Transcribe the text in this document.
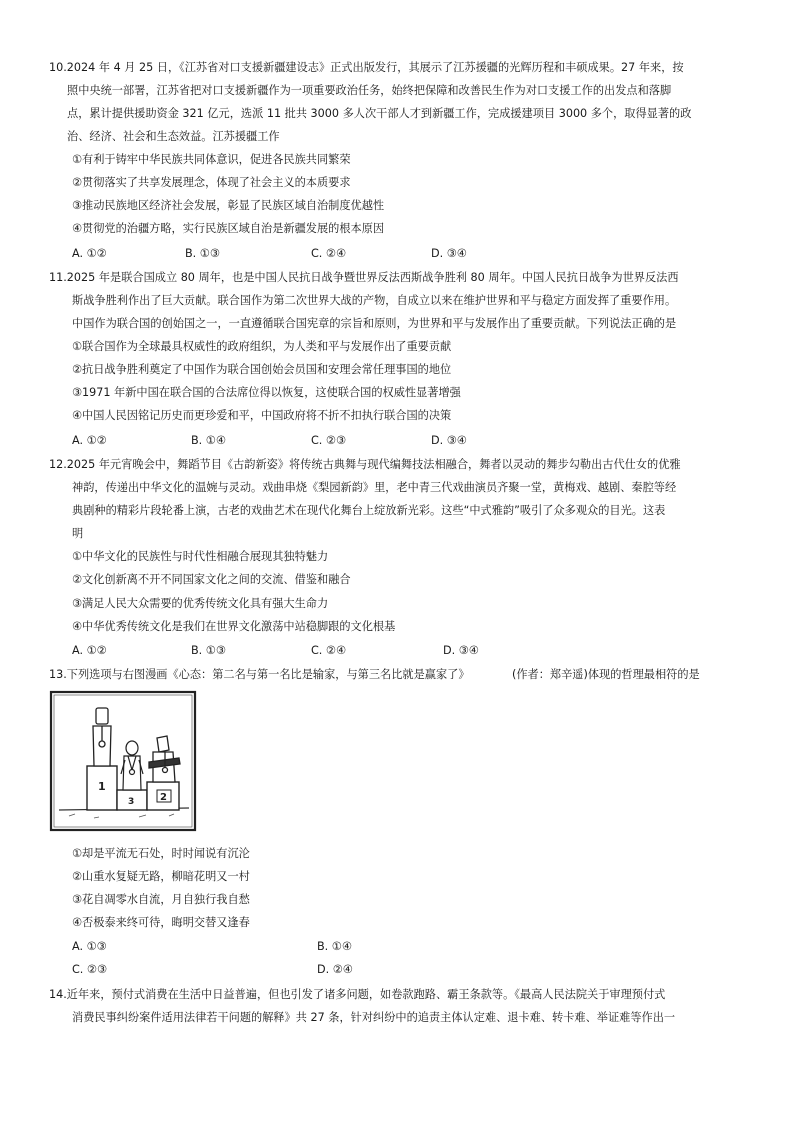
10.2024 年 4 月 25 日，《江苏省对口支援新疆建设志》正式出版发行，其展示了江苏援疆的光辉历程和丰硕成果。27 年来，按
照中央统一部署，江苏省把对口支援新疆作为一项重要政治任务，始终把保障和改善民生作为对口支援工作的出发点和落脚
点，累计提供援助资金 321 亿元，选派 11 批共 3000 多人次干部人才到新疆工作，完成援建项目 3000 多个，取得显著的政
治、经济、社会和生态效益。江苏援疆工作
①有利于铸牢中华民族共同体意识，促进各民族共同繁荣
②贯彻落实了共享发展理念，体现了社会主义的本质要求
③推动民族地区经济社会发展，彰显了民族区域自治制度优越性
④贯彻党的治疆方略，实行民族区域自治是新疆发展的根本原因
A. ①②	B. ①③	C. ②④	D. ③④
11.2025 年是联合国成立 80 周年，也是中国人民抗日战争暨世界反法西斯战争胜利 80 周年。中国人民抗日战争为世界反法西
斯战争胜利作出了巨大贡献。联合国作为第二次世界大战的产物，自成立以来在维护世界和平与稳定方面发挥了重要作用。
中国作为联合国的创始国之一，一直遵循联合国宪章的宗旨和原则，为世界和平与发展作出了重要贡献。下列说法正确的是
①联合国作为全球最具权威性的政府组织，为人类和平与发展作出了重要贡献
②抗日战争胜利奠定了中国作为联合国创始会员国和安理会常任理事国的地位
③1971 年新中国在联合国的合法席位得以恢复，这使联合国的权威性显著增强
④中国人民因铭记历史而更珍爱和平，中国政府将不折不扣执行联合国的决策
A. ①②	B. ①④	C. ②③	D. ③④
12.2025 年元宵晚会中，舞蹈节目《古韵新姿》将传统古典舞与现代编舞技法相融合，舞者以灵动的舞步勾勒出古代仕女的优雅
神韵，传递出中华文化的温婉与灵动。戏曲串烧《梨园新韵》里，老中青三代戏曲演员齐聚一堂，黄梅戏、越剧、秦腔等经
典剧种的精彩片段轮番上演，古老的戏曲艺术在现代化舞台上绽放新光彩。这些“中式雅韵”吸引了众多观众的目光。这表
明
①中华文化的民族性与时代性相融合展现其独特魅力
②文化创新离不开不同国家文化之间的交流、借鉴和融合
③满足人民大众需要的优秀传统文化具有强大生命力
④中华优秀传统文化是我们在世界文化激荡中站稳脚跟的文化根基
A. ①②	B. ①③	C. ②④	D. ③④
13.下列选项与右图漫画《心态：第二名与第一名比是输家，与第三名比就是赢家了》	(作者：郑辛遥)体现的哲理最相符的是
1
3	2
①却是平流无石处，时时闻说有沉沦
②山重水复疑无路，柳暗花明又一村
③花自凋零水自流，月自独行我自愁
④否极泰来终可待，晦明交替又逢春
A. ①③	B. ①④
C. ②③	D. ②④
14.近年来，预付式消费在生活中日益普遍，但也引发了诸多问题，如卷款跑路、霸王条款等。《最高人民法院关于审理预付式
消费民事纠纷案件适用法律若干问题的解释》共 27 条，针对纠纷中的追责主体认定难、退卡难、转卡难、举证难等作出一
